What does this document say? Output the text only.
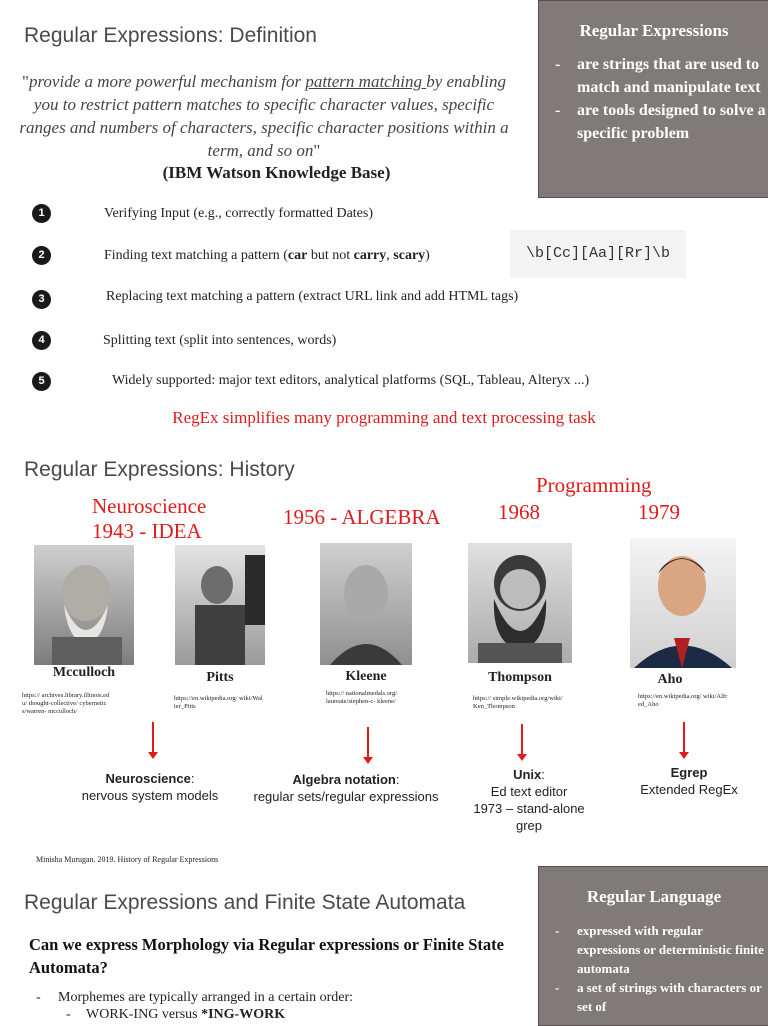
Regular Expressions: Definition	Regular Expressions
- are strings that are used to match and manipulate text
- are tools designed to solve a specific problem
"provide a more powerful mechanism for pattern matching by enabling you to restrict pattern matches to specific character values, specific ranges and numbers of characters, specific character positions within a term, and so on"
(IBM Watson Knowledge Base)
1	Verifying Input (e.g., correctly formatted Dates)
2	Finding text matching a pattern (car but not carry, scary)	\b[Cc][Aa][Rr]\b
3	Replacing text matching a pattern (extract URL link and add HTML tags)
4	Splitting text (split into sentences, words)
5	Widely supported: major text editors, analytical platforms (SQL, Tableau, Alteryx ...)
RegEx simplifies many programming and text processing task
Regular Expressions: History
Neuroscience
1943 - IDEA
1956 - ALGEBRA
Programming
1968	1979
Mcculloch	Pitts	Kleene	Thompson	Aho
https:// archives.library.illinois.edu/ thought-collective/ cybernetics/warren- mcculloch/
https://en.wikipedia.org/ wiki/Walter_Pitts
https:// nationalmedals.org/ laureate/stephen-c- kleene/	https:// simple.wikipedia.org/wiki/ Ken_Thompson
https://en.wikipedia.org/ wiki/Alfred_Aho
Neuroscience:
nervous system models
Algebra notation:
regular sets/regular expressions
Unix:
Ed text editor
1973 – stand-alone
grep
Egrep
Extended RegEx
Minisha Murugan. 2019. History of Regular Expressions
Regular Expressions and Finite State Automata	Regular Language
- expressed with regular expressions or deterministic finite automata
- a set of strings with characters or set of
Can we express Morphology via Regular expressions or Finite State Automata?
- Morphemes are typically arranged in a certain order:
- WORK-ING versus *ING-WORK
